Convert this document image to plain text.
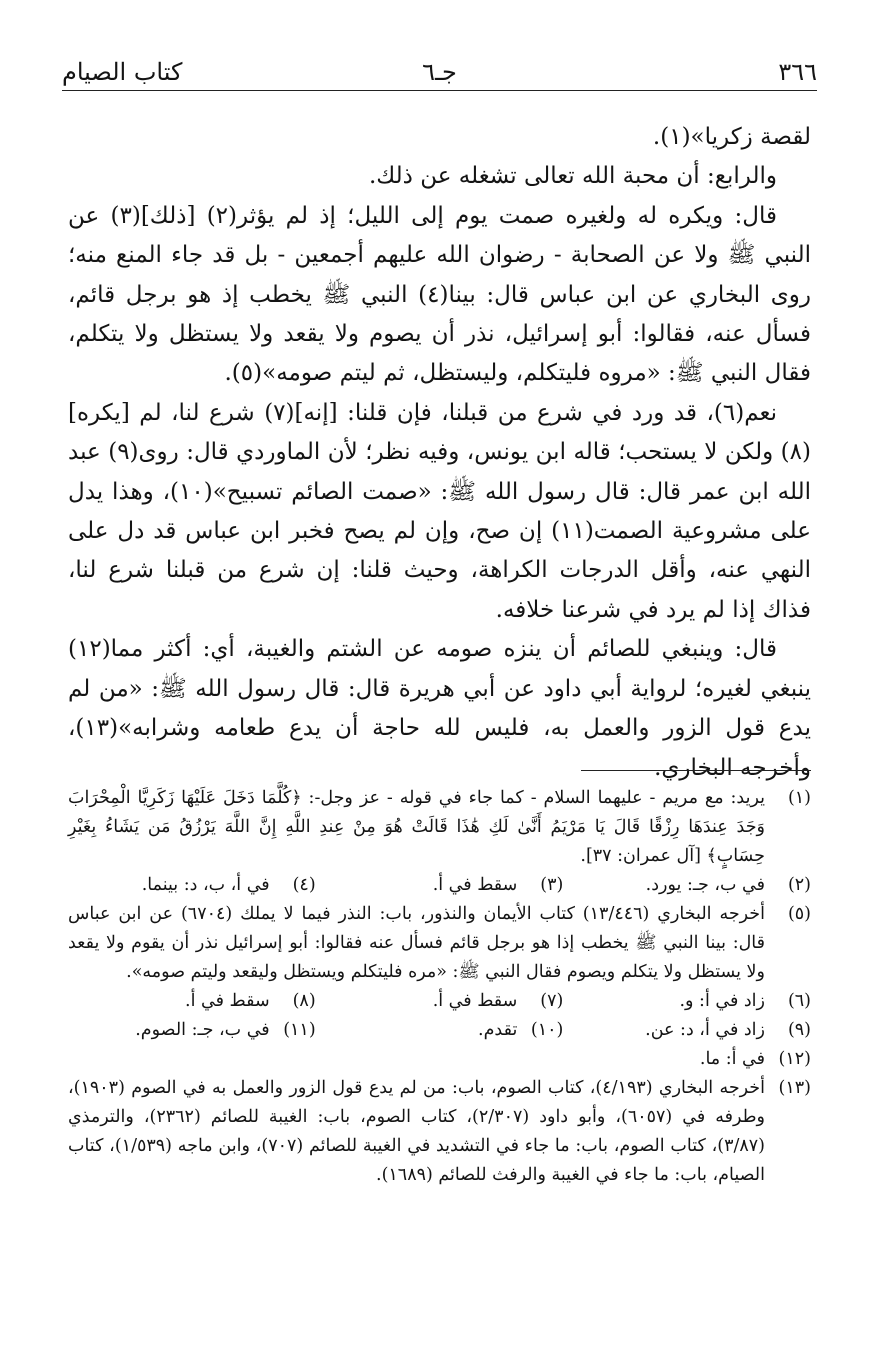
٣٦٦
جـ٦
كتاب الصيام

لقصة زكريا»(١).

والرابع: أن محبة الله تعالى تشغله عن ذلك.

قال: ويكره له ولغيره صمت يوم إلى الليل؛ إذ لم يؤثر(٢) [ذلك](٣) عن النبي ﷺ ولا عن الصحابة - رضوان الله عليهم أجمعين - بل قد جاء المنع منه؛ روى البخاري عن ابن عباس قال: بينا(٤) النبي ﷺ يخطب إذ هو برجل قائم، فسأل عنه، فقالوا: أبو إسرائيل، نذر أن يصوم ولا يقعد ولا يستظل ولا يتكلم، فقال النبي ﷺ: «مروه فليتكلم، وليستظل، ثم ليتم صومه»(٥).

نعم(٦)، قد ورد في شرع من قبلنا، فإن قلنا: [إنه](٧) شرع لنا، لم [يكره](٨) ولكن لا يستحب؛ قاله ابن يونس، وفيه نظر؛ لأن الماوردي قال: روى(٩) عبد الله ابن عمر قال: قال رسول الله ﷺ: «صمت الصائم تسبيح»(١٠)، وهذا يدل على مشروعية الصمت(١١) إن صح، وإن لم يصح فخبر ابن عباس قد دل على النهي عنه، وأقل الدرجات الكراهة، وحيث قلنا: إن شرع من قبلنا شرع لنا، فذاك إذا لم يرد في شرعنا خلافه.

قال: وينبغي للصائم أن ينزه صومه عن الشتم والغيبة، أي: أكثر مما(١٢) ينبغي لغيره؛ لرواية أبي داود عن أبي هريرة قال: قال رسول الله ﷺ: «من لم يدع قول الزور والعمل به، فليس لله حاجة أن يدع طعامه وشرابه»(١٣)، وأخرجه البخاري.

(١)
يريد: مع مريم - عليهما السلام - كما جاء في قوله - عز وجل-: ﴿كُلَّمَا دَخَلَ عَلَيْهَا زَكَرِيَّا الْمِحْرَابَ وَجَدَ عِندَهَا رِزْقًا قَالَ يَا مَرْيَمُ أَنَّىٰ لَكِ هَٰذَا قَالَتْ هُوَ مِنْ عِندِ اللَّهِ إِنَّ اللَّهَ يَرْزُقُ مَن يَشَاءُ بِغَيْرِ حِسَابٍ﴾ [آل عمران: ٣٧].
(٢)
في ب، جـ: يورد.
(٣)
سقط في أ.
(٤)
في أ، ب، د: بينما.
(٥)
أخرجه البخاري (١٣/٤٤٦) كتاب الأيمان والنذور، باب: النذر فيما لا يملك (٦٧٠٤) عن ابن عباس قال: بينا النبي ﷺ يخطب إذا هو برجل قائم فسأل عنه فقالوا: أبو إسرائيل نذر أن يقوم ولا يقعد ولا يستظل ولا يتكلم ويصوم فقال النبي ﷺ: «مره فليتكلم ويستظل وليقعد وليتم صومه».
(٦)
زاد في أ: و.
(٧)
سقط في أ.
(٨)
سقط في أ.
(٩)
زاد في أ، د: عن.
(١٠)
تقدم.
(١١)
في ب، جـ: الصوم.
(١٢)
في أ: ما.
(١٣)
أخرجه البخاري (٤/١٩٣)، كتاب الصوم، باب: من لم يدع قول الزور والعمل به في الصوم (١٩٠٣)، وطرفه في (٦٠٥٧)، وأبو داود (٢/٣٠٧)، كتاب الصوم، باب: الغيبة للصائم (٢٣٦٢)، والترمذي (٣/٨٧)، كتاب الصوم، باب: ما جاء في التشديد في الغيبة للصائم (٧٠٧)، وابن ماجه (١/٥٣٩)، كتاب الصيام، باب: ما جاء في الغيبة والرفث للصائم (١٦٨٩).
